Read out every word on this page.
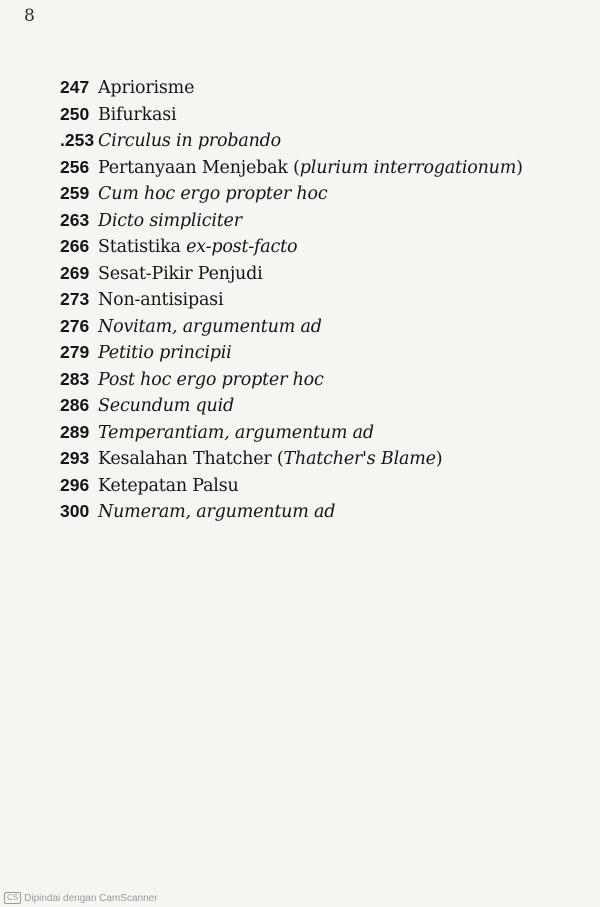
8

247 Apriorisme
250 Bifurkasi
.253 Circulus in probando
256 Pertanyaan Menjebak (plurium interrogationum)
259 Cum hoc ergo propter hoc
263 Dicto simpliciter
266 Statistika ex-post-facto
269 Sesat-Pikir Penjudi
273 Non-antisipasi
276 Novitam, argumentum ad
279 Petitio principii
283 Post hoc ergo propter hoc
286 Secundum quid
289 Temperantiam, argumentum ad
293 Kesalahan Thatcher (Thatcher's Blame)
296 Ketepatan Palsu
300 Numeram, argumentum ad
CS Dipindai dengan CamScanner
